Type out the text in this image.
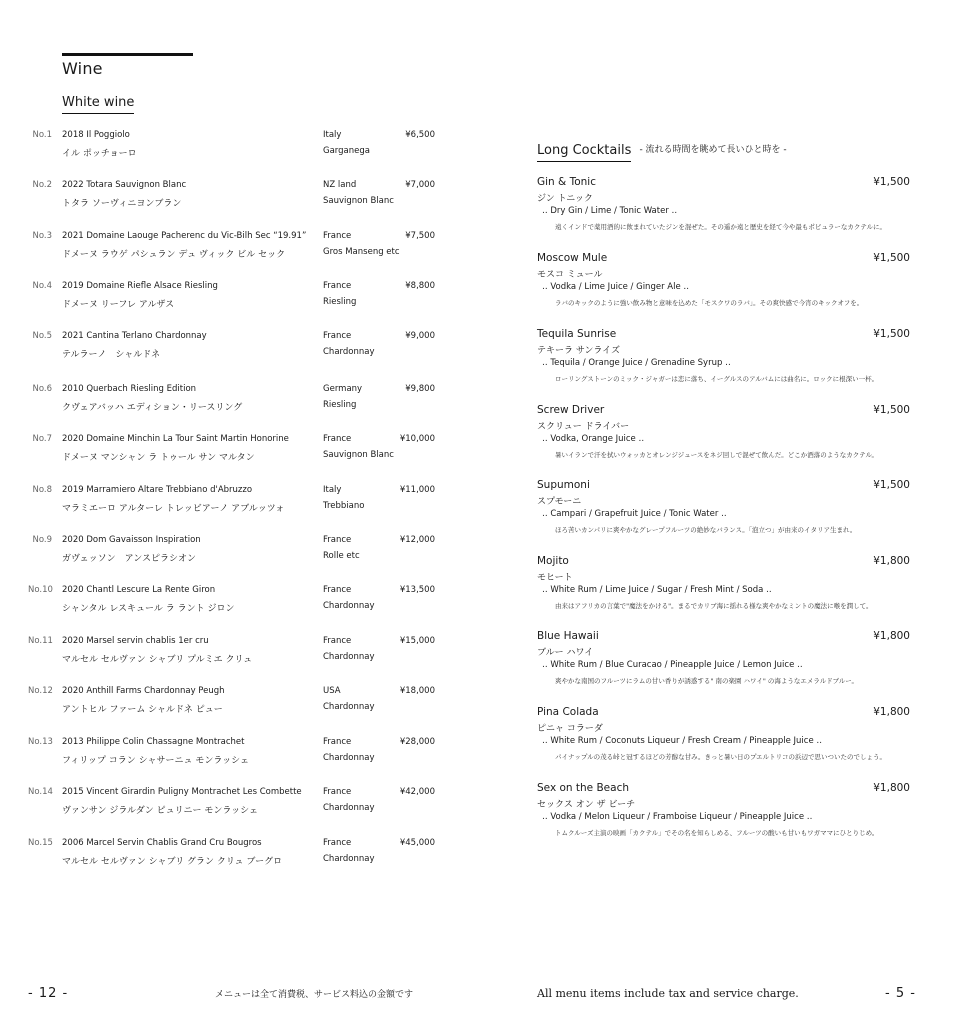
Wine
White wine
No.1 2018 Il Poggiolo
イル ポッチョーロ
Italy
Garganega
¥6,500
No.2 2022 Totara Sauvignon Blanc
トタラ ソーヴィニヨンブラン
NZ land
Sauvignon Blanc
¥7,000
No.3 2021 Domaine Laouge Pacherenc du Vic-Bilh Sec “19.91”
ドメーヌ ラウゲ パシュラン デュ ヴィック ビル セック
France
Gros Manseng etc
¥7,500
No.4 2019 Domaine Riefle Alsace Riesling
ドメーヌ リーフレ アルザス
France
Riesling
¥8,800
No.5 2021 Cantina Terlano Chardonnay
テルラーノ　シャルドネ
France
Chardonnay
¥9,000
No.6 2010 Querbach Riesling Edition
クヴェアバッハ エディション・リースリング
Germany
Riesling
¥9,800
No.7 2020 Domaine Minchin La Tour Saint Martin Honorine
ドメーヌ マンシャン ラ トゥール サン マルタン
France
Sauvignon Blanc
¥10,000
No.8 2019 Marramiero Altare Trebbiano d'Abruzzo
マラミエーロ アルターレ トレッビアーノ アブルッツォ
Italy
Trebbiano
¥11,000
No.9 2020 Dom Gavaisson Inspiration
ガヴェッソン　アンスピラシオン
France
Rolle etc
¥12,000
No.10 2020 Chantl Lescure La Rente Giron
シャンタル レスキュール ラ ラント ジロン
France
Chardonnay
¥13,500
No.11 2020 Marsel servin chablis 1er cru
マルセル セルヴァン シャブリ プルミエ クリュ
France
Chardonnay
¥15,000
No.12 2020 Anthill Farms Chardonnay Peugh
アントヒル ファーム シャルドネ ピュー
USA
Chardonnay
¥18,000
No.13 2013 Philippe Colin Chassagne Montrachet
フィリップ コラン シャサーニュ モンラッシェ
France
Chardonnay
¥28,000
No.14 2015 Vincent Girardin Puligny Montrachet Les Combette
ヴァンサン ジラルダン ピュリニー モンラッシェ
France
Chardonnay
¥42,000
No.15 2006 Marcel Servin Chablis Grand Cru Bougros
マルセル セルヴァン シャブリ グラン クリュ ブーグロ
France
Chardonnay
¥45,000
- 12 -	メニューは全て消費税、サービス料込の金額です
Long Cocktails - 流れる時間を眺めて長いひと時を -
Gin & Tonic	¥1,500
ジン トニック
‥ Dry Gin / Lime / Tonic Water ‥
遠くインドで薬用酒的に飲まれていたジンを混ぜた。その遥か遠と歴史を経て今や最もポピュラーなカクテルに。
Moscow Mule	¥1,500
モスコ ミュール
‥ Vodka / Lime Juice / Ginger Ale ‥
ラバのキックのように強い飲み物と意味を込めた「モスクワのラバ」。その爽快感で今宵のキックオフを。
Tequila Sunrise	¥1,500
テキーラ サンライズ
‥ Tequila / Orange Juice / Grenadine Syrup ‥
ローリングストーンのミック・ジャガーは恋に落ち、イーグルスのアルバムには曲名に。ロックに根深い一杯。
Screw Driver	¥1,500
スクリュー ドライバー
‥ Vodka, Orange Juice ‥
暑いイランで汗を拭いウォッカとオレンジジュースをネジ回しで混ぜて飲んだ。どこか酒落のようなカクテル。
Supumoni	¥1,500
スプモーニ
‥ Campari / Grapefruit Juice / Tonic Water ‥
ほろ苦いカンパリに爽やかなグレープフルーツの絶妙なバランス。「泡立つ」が由来のイタリア生まれ。
Mojito	¥1,800
モヒート
‥ White Rum / Lime Juice / Sugar / Fresh Mint / Soda ‥
由来はアフリカの言葉で"魔法をかける"。まるでカリブ海に揺れる様な爽やかなミントの魔法に喉を潤して。
Blue Hawaii	¥1,800
ブルー ハワイ
‥ White Rum / Blue Curacao / Pineapple Juice / Lemon Juice ‥
爽やかな南国のフルーツにラムの甘い香りが誘惑する" 南の楽園 ハワイ" の海ようなエメラルドブルー。
Pina Colada	¥1,800
ピニャ コラーダ
‥ White Rum / Coconuts Liqueur / Fresh Cream / Pineapple Juice ‥
パイナップルの茂る峠と冠するほどの芳醇な甘み。きっと暑い日のプエルトリコの浜辺で思いついたのでしょう。
Sex on the Beach	¥1,800
セックス オン ザ ビーチ
‥ Vodka / Melon Liqueur / Framboise Liqueur / Pineapple Juice ‥
トムクルーズ主演の映画「カクテル」でその名を知らしめる、フルーツの酸いも甘いもワガママにひとりじめ。
All menu items include tax and service charge.	- 5 -
